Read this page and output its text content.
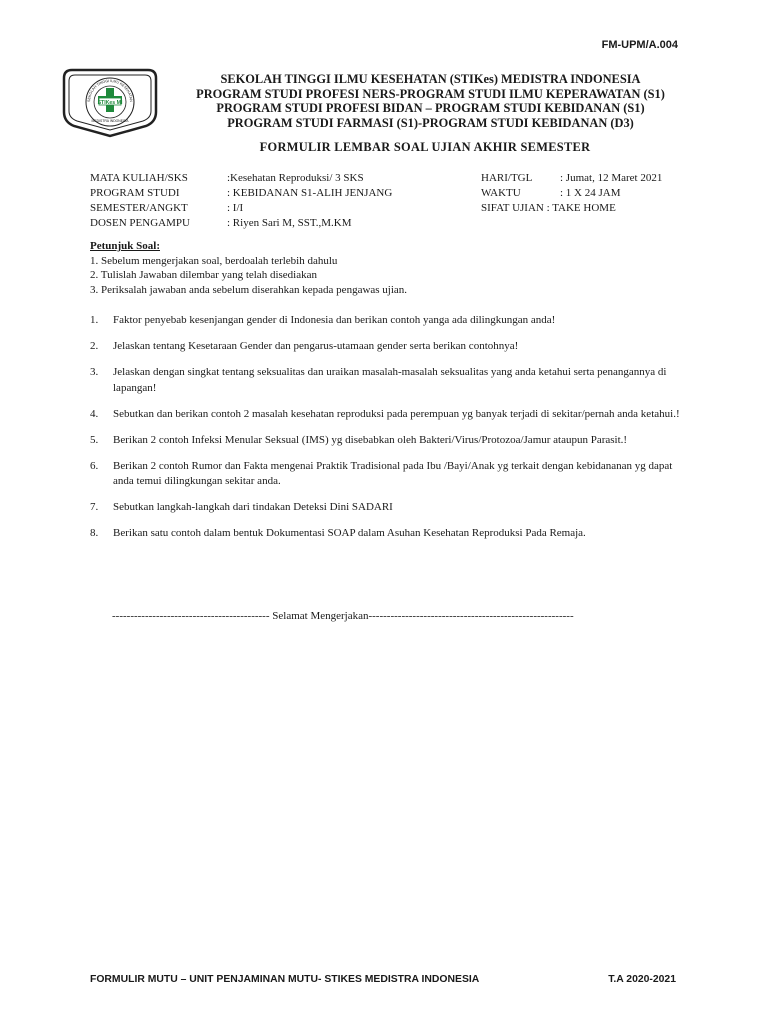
FM-UPM/A.004
STIKes MI
SEKOLAH TINGGI ILMU KESEHATAN
MEDISTRA INDONESIA
SEKOLAH TINGGI ILMU KESEHATAN (STIKes) MEDISTRA INDONESIA
PROGRAM STUDI PROFESI NERS-PROGRAM STUDI ILMU KEPERAWATAN (S1)
PROGRAM STUDI PROFESI BIDAN – PROGRAM STUDI KEBIDANAN (S1)
PROGRAM STUDI FARMASI (S1)-PROGRAM STUDI KEBIDANAN (D3)
FORMULIR LEMBAR SOAL UJIAN AKHIR SEMESTER
MATA KULIAH/SKS	:Kesehatan Reproduksi/ 3 SKS	HARI/TGL	: Jumat, 12 Maret 2021
PROGRAM STUDI	: KEBIDANAN S1-ALIH JENJANG	WAKTU	: 1 X 24 JAM
SEMESTER/ANGKT	: I/I	SIFAT UJIAN : TAKE HOME
DOSEN PENGAMPU	: Riyen Sari M, SST.,M.KM
Petunjuk Soal:
1. Sebelum mengerjakan soal, berdoalah terlebih dahulu
2. Tulislah Jawaban dilembar yang telah disediakan
3. Periksalah jawaban anda sebelum diserahkan kepada pengawas ujian.
1. Faktor penyebab kesenjangan gender di Indonesia dan berikan contoh yanga ada dilingkungan anda!
2. Jelaskan tentang Kesetaraan Gender dan pengarus-utamaan gender serta berikan contohnya!
3. Jelaskan dengan singkat tentang seksualitas dan uraikan masalah-masalah seksualitas yang anda ketahui serta penangannya di lapangan!
4. Sebutkan dan berikan contoh 2 masalah kesehatan reproduksi pada perempuan yg banyak terjadi di sekitar/pernah anda ketahui.!
5. Berikan 2 contoh Infeksi Menular Seksual (IMS) yg disebabkan oleh Bakteri/Virus/Protozoa/Jamur ataupun Parasit.!
6. Berikan 2 contoh Rumor dan Fakta mengenai Praktik Tradisional pada Ibu /Bayi/Anak yg terkait dengan kebidananan yg dapat anda temui dilingkungan sekitar anda.
7. Sebutkan langkah-langkah dari tindakan Deteksi Dini SADARI
8. Berikan satu contoh dalam bentuk Dokumentasi SOAP dalam Asuhan Kesehatan Reproduksi Pada Remaja.
------------------------------------------- Selamat Mengerjakan--------------------------------------------------------
FORMULIR MUTU – UNIT PENJAMINAN MUTU- STIKES MEDISTRA INDONESIA	T.A 2020-2021
